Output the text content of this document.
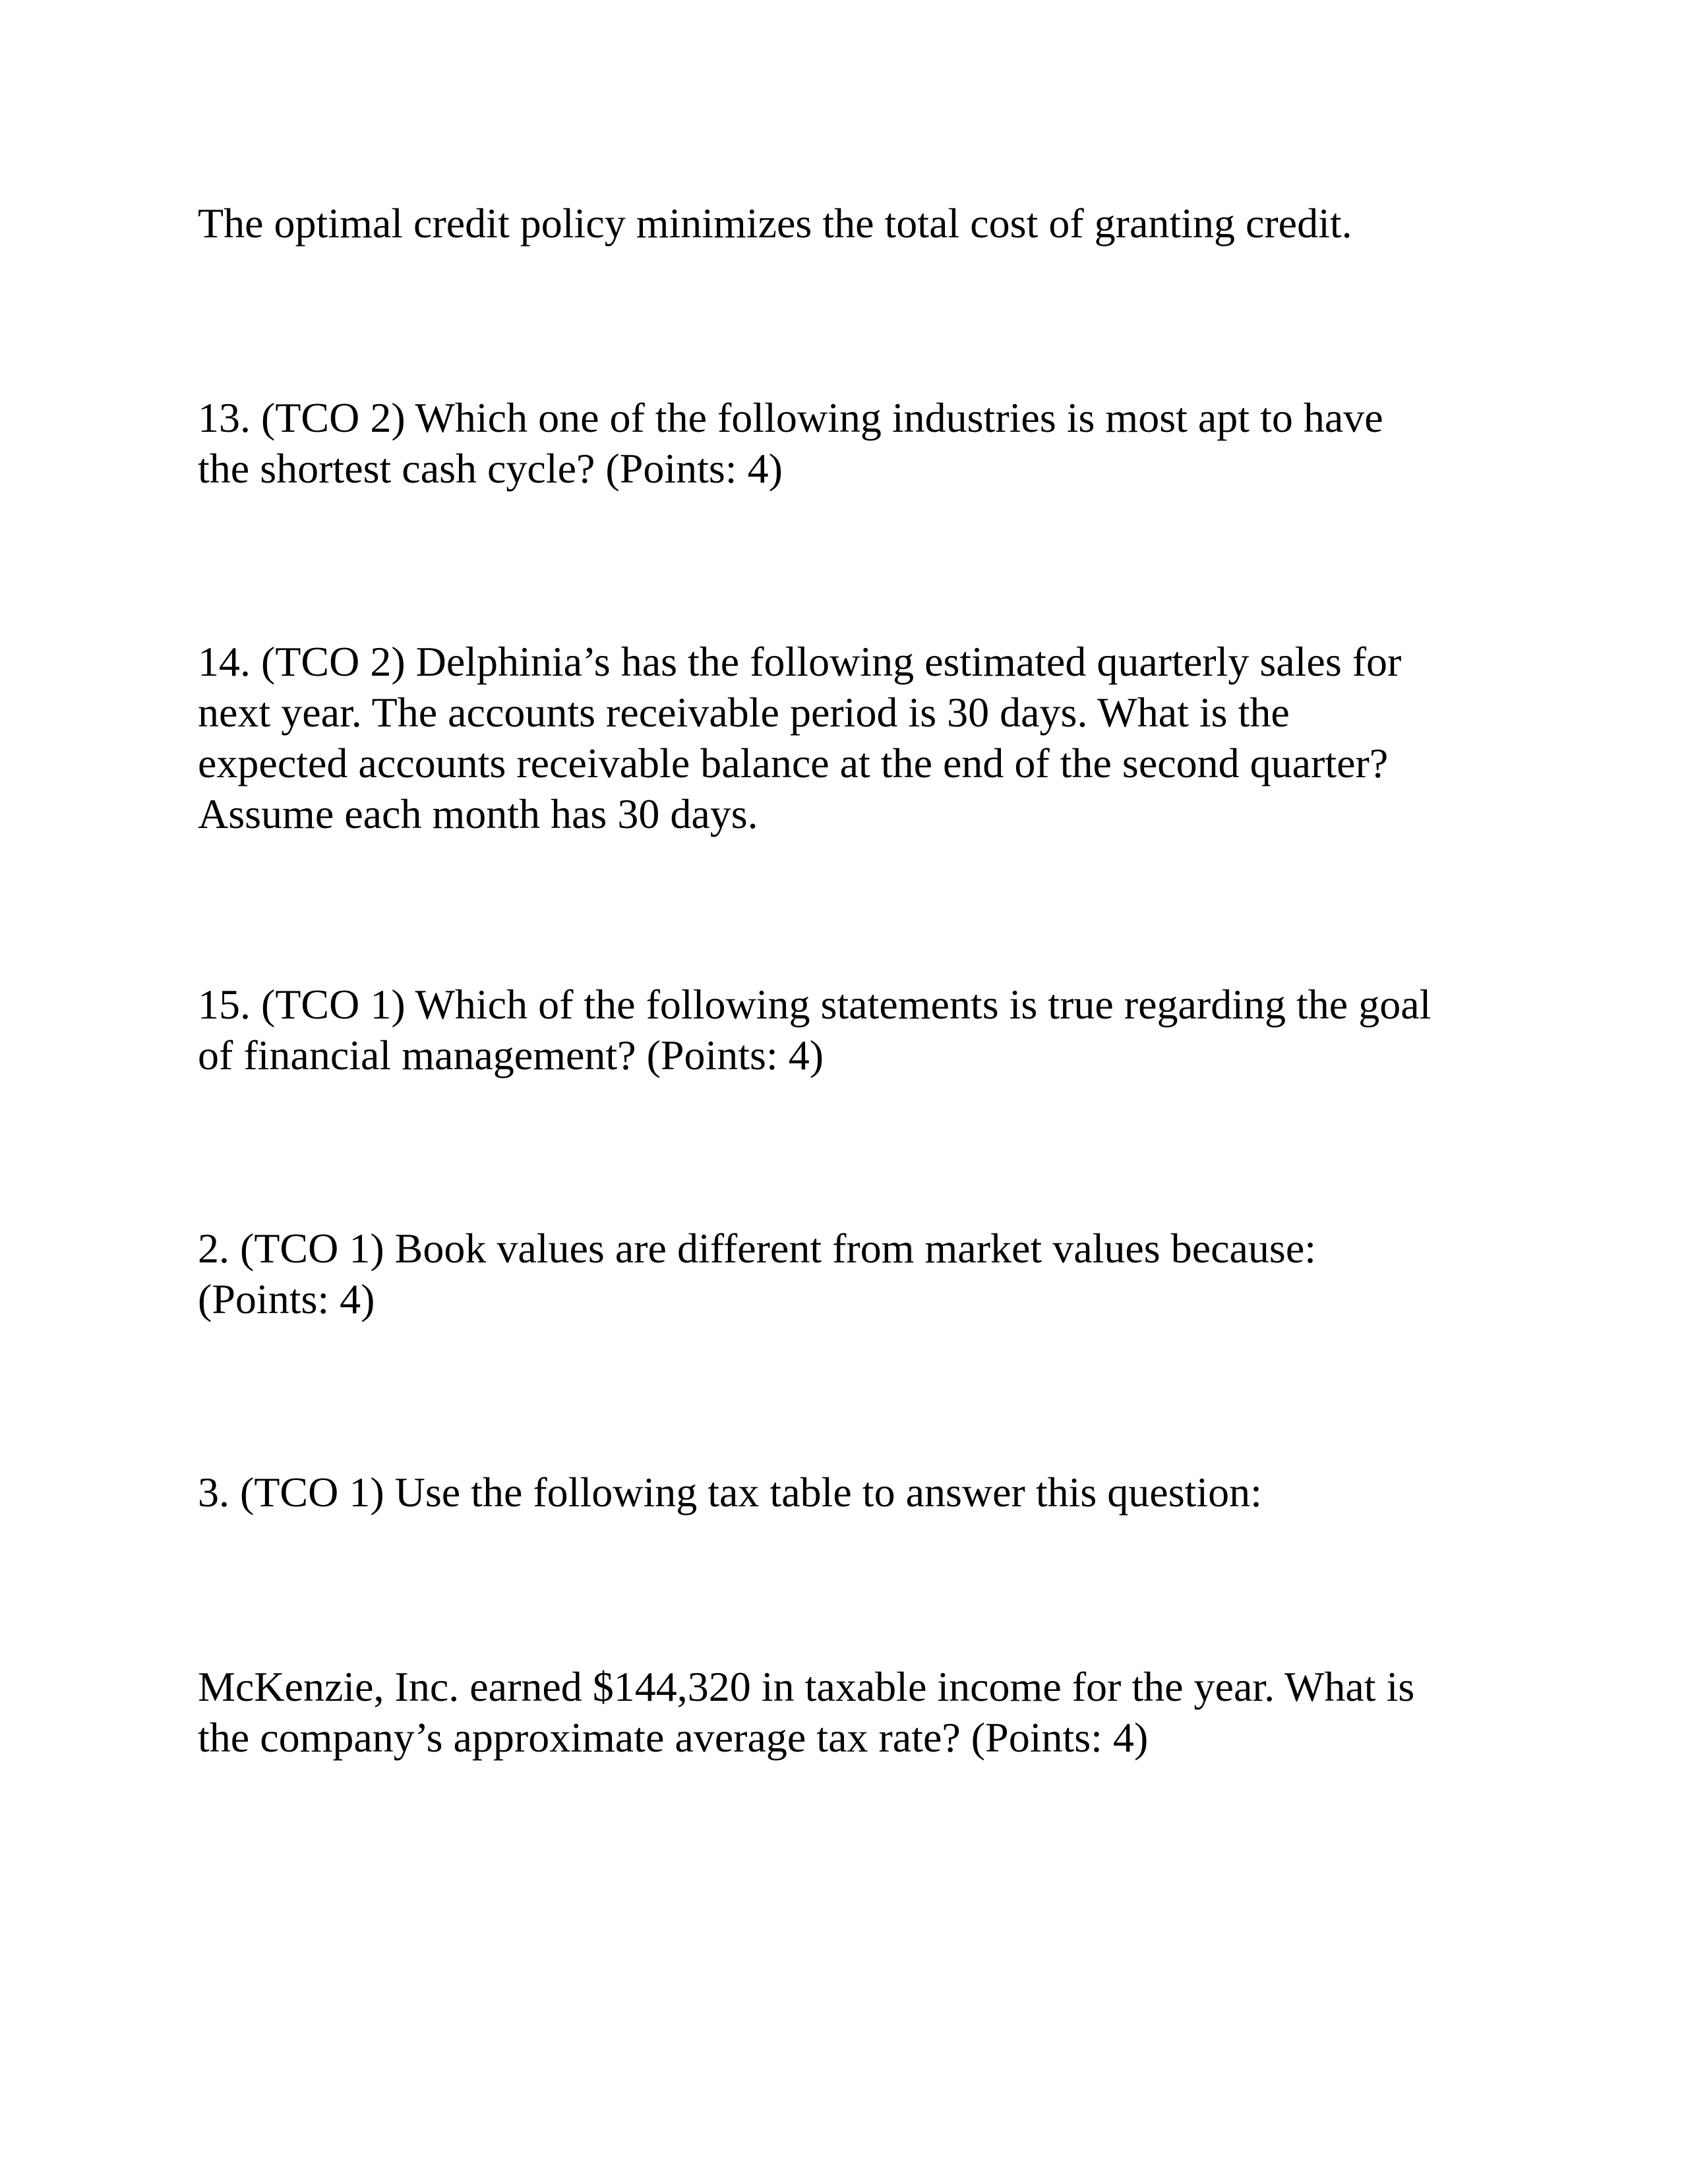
The optimal credit policy minimizes the total cost of granting credit.

13. (TCO 2) Which one of the following industries is most apt to have
the shortest cash cycle? (Points: 4)

14. (TCO 2) Delphinia’s has the following estimated quarterly sales for
next year. The accounts receivable period is 30 days. What is the
expected accounts receivable balance at the end of the second quarter?
Assume each month has 30 days.

15. (TCO 1) Which of the following statements is true regarding the goal
of financial management? (Points: 4)

2. (TCO 1) Book values are different from market values because:
(Points: 4)

3. (TCO 1) Use the following tax table to answer this question:

McKenzie, Inc. earned $144,320 in taxable income for the year. What is
the company’s approximate average tax rate? (Points: 4)
